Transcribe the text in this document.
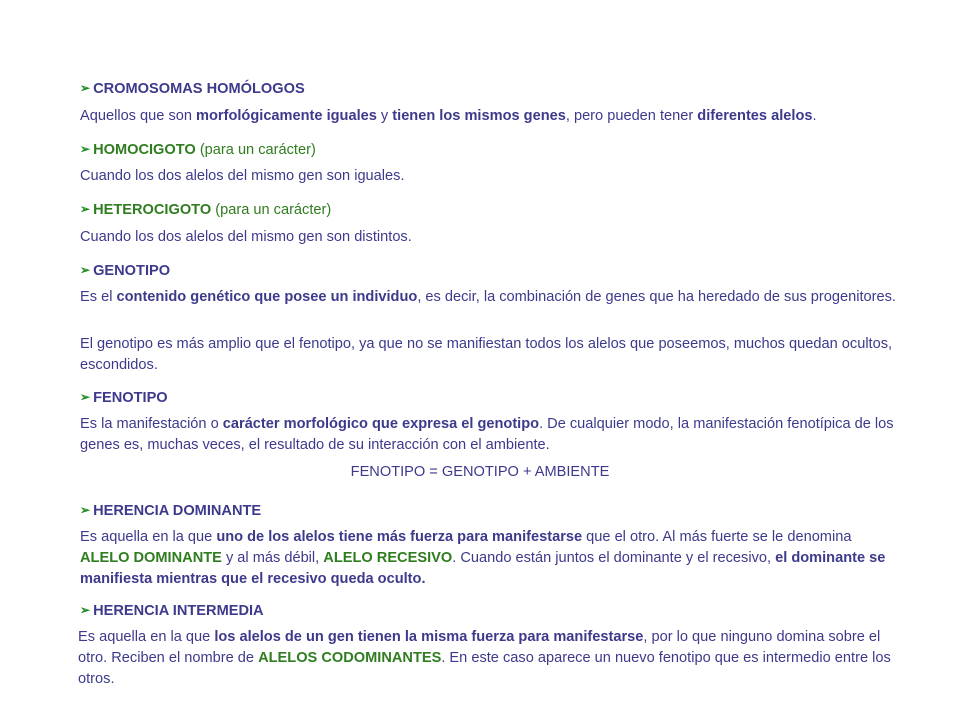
➢ CROMOSOMAS HOMÓLOGOS
Aquellos que son morfológicamente iguales y tienen los mismos genes, pero pueden tener diferentes alelos.
➢ HOMOCIGOTO (para un carácter)
Cuando los dos alelos del mismo gen son iguales.
➢ HETEROCIGOTO (para un carácter)
Cuando los dos alelos del mismo gen son distintos.
➢ GENOTIPO
Es el contenido genético que posee un individuo, es decir, la combinación de genes que ha heredado de sus progenitores.
El genotipo es más amplio que el fenotipo, ya que no se manifiestan todos los alelos que poseemos, muchos quedan ocultos, escondidos.
➢ FENOTIPO
Es la manifestación o carácter morfológico que expresa el genotipo. De cualquier modo, la manifestación fenotípica de los genes es, muchas veces, el resultado de su interacción con el ambiente.
FENOTIPO = GENOTIPO + AMBIENTE
➢ HERENCIA DOMINANTE
Es aquella en la que uno de los alelos tiene más fuerza para manifestarse que el otro. Al más fuerte se le denomina ALELO DOMINANTE y al más débil, ALELO RECESIVO. Cuando están juntos el dominante y el recesivo, el dominante se manifiesta mientras que el recesivo queda oculto.
➢ HERENCIA INTERMEDIA
Es aquella en la que los alelos de un gen tienen la misma fuerza para manifestarse, por lo que ninguno domina sobre el otro. Reciben el nombre de ALELOS CODOMINANTES. En este caso aparece un nuevo fenotipo que es intermedio entre los otros.
